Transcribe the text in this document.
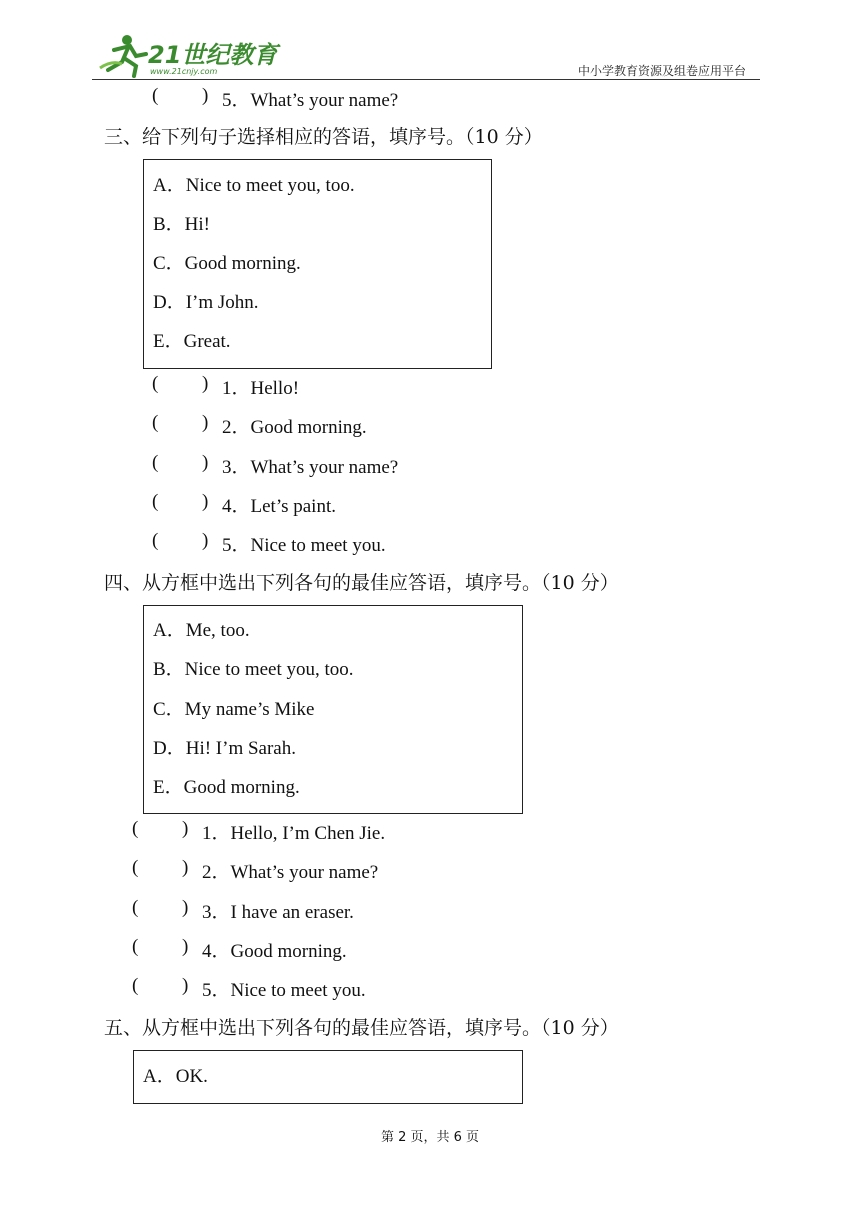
21世纪教育
www.21cnjy.com	中小学教育资源及组卷应用平台
( ) 5．What’s your name?
三、给下列句子选择相应的答语，填序号。（10 分）
A．Nice to meet you, too.
B．Hi!
C．Good morning.
D．I’m John.
E．Great.
( ) 1．Hello!
( ) 2．Good morning.
( ) 3．What’s your name?
( ) 4．Let’s paint.
( ) 5．Nice to meet you.
四、从方框中选出下列各句的最佳应答语，填序号。（10 分）
A．Me, too.
B．Nice to meet you, too.
C．My name’s Mike
D．Hi! I’m Sarah.
E．Good morning.
( ) 1．Hello, I’m Chen Jie.
( ) 2．What’s your name?
( ) 3．I have an eraser.
( ) 4．Good morning.
( ) 5．Nice to meet you.
五、从方框中选出下列各句的最佳应答语，填序号。（10 分）
A．OK.
第 2 页，共 6 页
